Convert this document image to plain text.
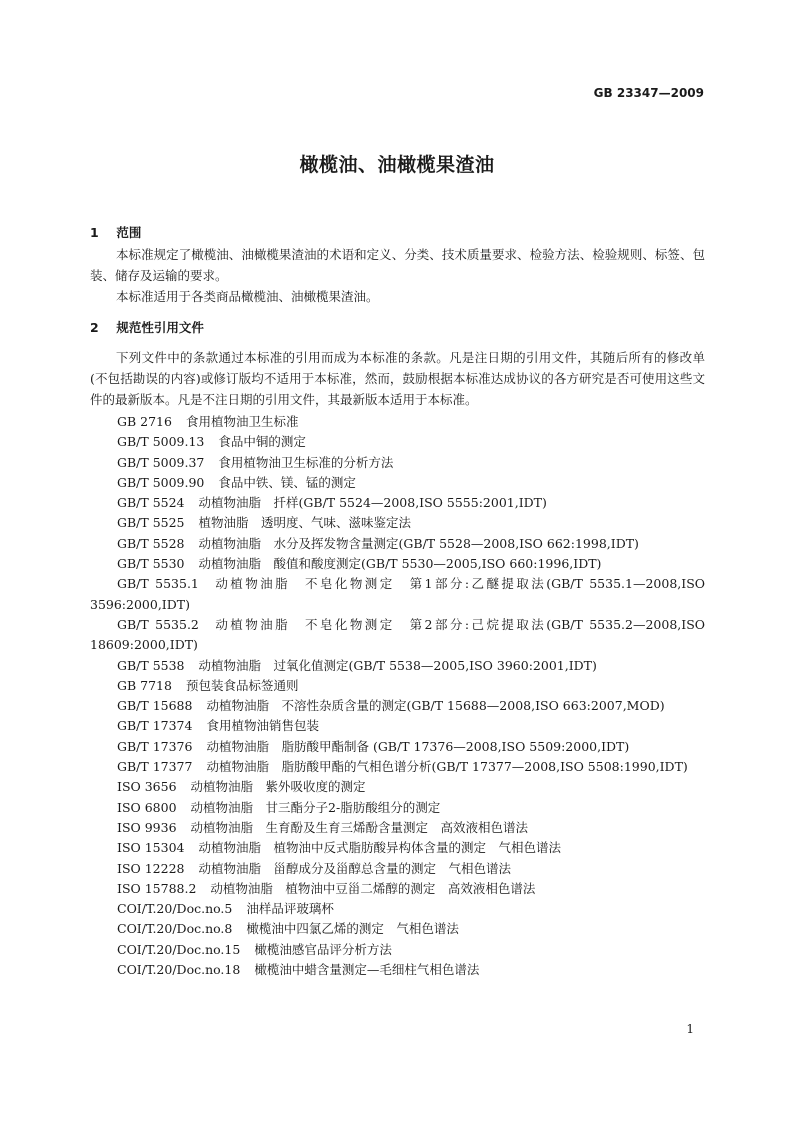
GB 23347—2009
橄榄油、油橄榄果渣油

1 范围

本标准规定了橄榄油、油橄榄果渣油的术语和定义、分类、技术质量要求、检验方法、检验规则、标签、包装、储存及运输的要求。

本标准适用于各类商品橄榄油、油橄榄果渣油。

2 规范性引用文件

下列文件中的条款通过本标准的引用而成为本标准的条款。凡是注日期的引用文件，其随后所有的修改单(不包括勘误的内容)或修订版均不适用于本标准，然而，鼓励根据本标准达成协议的各方研究是否可使用这些文件的最新版本。凡是不注日期的引用文件，其最新版本适用于本标准。

GB 2716 食用植物油卫生标准

GB/T 5009.13 食品中铜的测定

GB/T 5009.37 食用植物油卫生标准的分析方法

GB/T 5009.90 食品中铁、镁、锰的测定

GB/T 5524 动植物油脂　扦样(GB/T 5524—2008,ISO 5555:2001,IDT)

GB/T 5525 植物油脂　透明度、气味、滋味鉴定法

GB/T 5528 动植物油脂　水分及挥发物含量测定(GB/T 5528—2008,ISO 662:1998,IDT)

GB/T 5530 动植物油脂　酸值和酸度测定(GB/T 5530—2005,ISO 660:1996,IDT)

GB/T 5535.1 动植物油脂　不皂化物测定　第1部分:乙醚提取法(GB/T 5535.1—2008,ISO 3596:2000,IDT)

GB/T 5535.2 动植物油脂　不皂化物测定　第2部分:己烷提取法(GB/T 5535.2—2008,ISO 18609:2000,IDT)

GB/T 5538 动植物油脂　过氧化值测定(GB/T 5538—2005,ISO 3960:2001,IDT)

GB 7718 预包装食品标签通则

GB/T 15688 动植物油脂　不溶性杂质含量的测定(GB/T 15688—2008,ISO 663:2007,MOD)

GB/T 17374 食用植物油销售包装

GB/T 17376 动植物油脂　脂肪酸甲酯制备 (GB/T 17376—2008,ISO 5509:2000,IDT)

GB/T 17377 动植物油脂　脂肪酸甲酯的气相色谱分析(GB/T 17377—2008,ISO 5508:1990,IDT)

ISO 3656 动植物油脂　紫外吸收度的测定

ISO 6800 动植物油脂　甘三酯分子2-脂肪酸组分的测定

ISO 9936 动植物油脂　生育酚及生育三烯酚含量测定　高效液相色谱法

ISO 15304 动植物油脂　植物油中反式脂肪酸异构体含量的测定　气相色谱法

ISO 12228 动植物油脂　甾醇成分及甾醇总含量的测定　气相色谱法

ISO 15788.2 动植物油脂　植物油中豆甾二烯醇的测定　高效液相色谱法

COI/T.20/Doc.no.5 油样品评玻璃杯

COI/T.20/Doc.no.8 橄榄油中四氯乙烯的测定　气相色谱法

COI/T.20/Doc.no.15 橄榄油感官品评分析方法

COI/T.20/Doc.no.18 橄榄油中蜡含量测定—毛细柱气相色谱法

1
